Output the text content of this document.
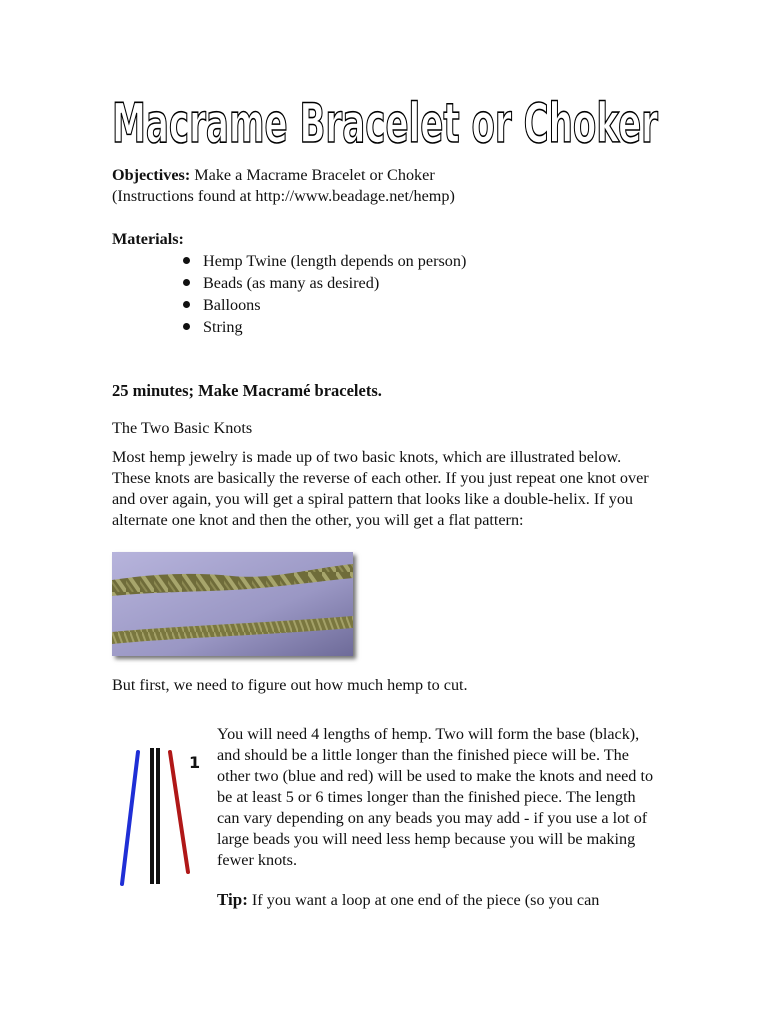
Macrame Bracelet or Choker

Objectives: Make a Macrame Bracelet or Choker
(Instructions found at http://www.beadage.net/hemp)

Materials:

Hemp Twine (length depends on person)
Beads (as many as desired)
Balloons
String

25 minutes; Make Macramé bracelets.

The Two Basic Knots

Most hemp jewelry is made up of two basic knots, which are illustrated below. These knots are basically the reverse of each other. If you just repeat one knot over and over again, you will get a spiral pattern that looks like a double-helix. If you alternate one knot and then the other, you will get a flat pattern:

But first, we need to figure out how much hemp to cut.

1

You will need 4 lengths of hemp. Two will form the base (black), and should be a little longer than the finished piece will be. The other two (blue and red) will be used to make the knots and need to be at least 5 or 6 times longer than the finished piece. The length can vary depending on any beads you may add - if you use a lot of large beads you will need less hemp because you will be making fewer knots.

Tip: If you want a loop at one end of the piece (so you can
